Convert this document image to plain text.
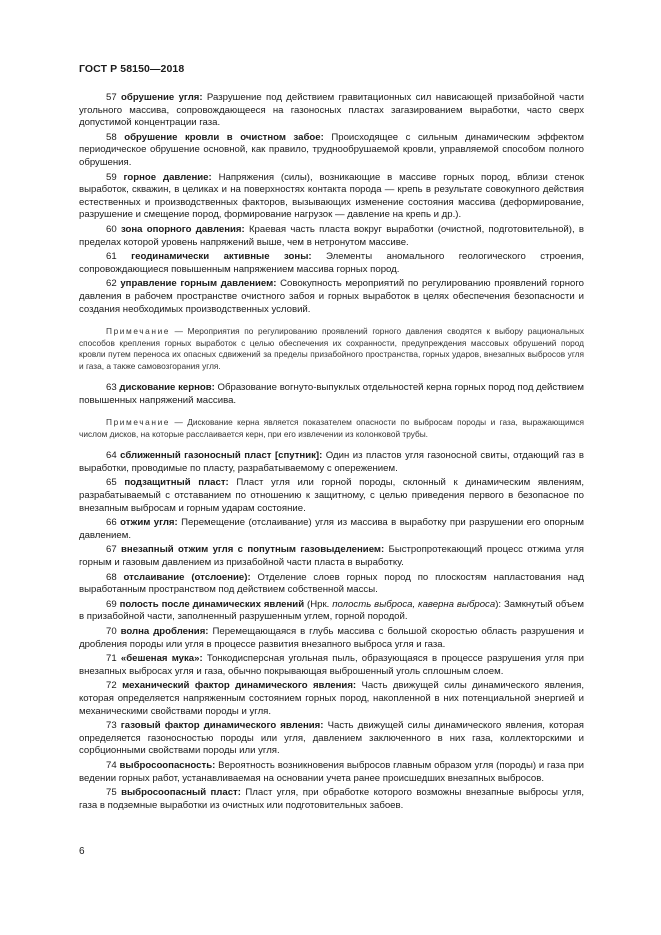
ГОСТ Р 58150—2018

57 обрушение угля: Разрушение под действием гравитационных сил нависающей призабойной части угольного массива, сопровождающееся на газоносных пластах загазированием выработки, часто сверх допустимой концентрации газа.

58 обрушение кровли в очистном забое: Происходящее с сильным динамическим эффектом периодическое обрушение основной, как правило, труднообрушаемой кровли, управляемой способом полного обрушения.

59 горное давление: Напряжения (силы), возникающие в массиве горных пород, вблизи стенок выработок, скважин, в целиках и на поверхностях контакта порода — крепь в результате совокупного действия естественных и производственных факторов, вызывающих изменение состояния массива (деформирование, разрушение и смещение пород, формирование нагрузок — давление на крепь и др.).

60 зона опорного давления: Краевая часть пласта вокруг выработки (очистной, подготовительной), в пределах которой уровень напряжений выше, чем в нетронутом массиве.

61 геодинамически активные зоны: Элементы аномального геологического строения, сопровождающиеся повышенным напряжением массива горных пород.

62 управление горным давлением: Совокупность мероприятий по регулированию проявлений горного давления в рабочем пространстве очистного забоя и горных выработок в целях обеспечения безопасности и создания необходимых производственных условий.

Примечание — Мероприятия по регулированию проявлений горного давления сводятся к выбору рациональных способов крепления горных выработок с целью обеспечения их сохранности, предупреждения массовых обрушений пород кровли путем переноса их опасных сдвижений за пределы призабойного пространства, горных ударов, внезапных выбросов угля и газа, а также самовозгорания угля.

63 дискование кернов: Образование вогнуто-выпуклых отдельностей керна горных пород под действием повышенных напряжений массива.

Примечание — Дискование керна является показателем опасности по выбросам породы и газа, выражающимся числом дисков, на которые расслаивается керн, при его извлечении из колонковой трубы.

64 сближенный газоносный пласт [спутник]: Один из пластов угля газоносной свиты, отдающий газ в выработки, проводимые по пласту, разрабатываемому с опережением.

65 подзащитный пласт: Пласт угля или горной породы, склонный к динамическим явлениям, разрабатываемый с отставанием по отношению к защитному, с целью приведения первого в безопасное по внезапным выбросам и горным ударам состояние.

66 отжим угля: Перемещение (отслаивание) угля из массива в выработку при разрушении его опорным давлением.

67 внезапный отжим угля с попутным газовыделением: Быстропротекающий процесс отжима угля горным и газовым давлением из призабойной части пласта в выработку.

68 отслаивание (отслоение): Отделение слоев горных пород по плоскостям напластования над выработанным пространством под действием собственной массы.

69 полость после динамических явлений (Нрк. полость выброса, каверна выброса): Замкнутый объем в призабойной части, заполненный разрушенным углем, горной породой.

70 волна дробления: Перемещающаяся в глубь массива с большой скоростью область разрушения и дробления породы или угля в процессе развития внезапного выброса угля и газа.

71 «бешеная мука»: Тонкодисперсная угольная пыль, образующаяся в процессе разрушения угля при внезапных выбросах угля и газа, обычно покрывающая выброшенный уголь сплошным слоем.

72 механический фактор динамического явления: Часть движущей силы динамического явления, которая определяется напряженным состоянием горных пород, накопленной в них потенциальной энергией и механическими свойствами породы и угля.

73 газовый фактор динамического явления: Часть движущей силы динамического явления, которая определяется газоносностью породы или угля, давлением заключенного в них газа, коллекторскими и сорбционными свойствами породы или угля.

74 выбросоопасность: Вероятность возникновения выбросов главным образом угля (породы) и газа при ведении горных работ, устанавливаемая на основании учета ранее происшедших внезапных выбросов.

75 выбросоопасный пласт: Пласт угля, при обработке которого возможны внезапные выбросы угля, газа в подземные выработки из очистных или подготовительных забоев.

6
